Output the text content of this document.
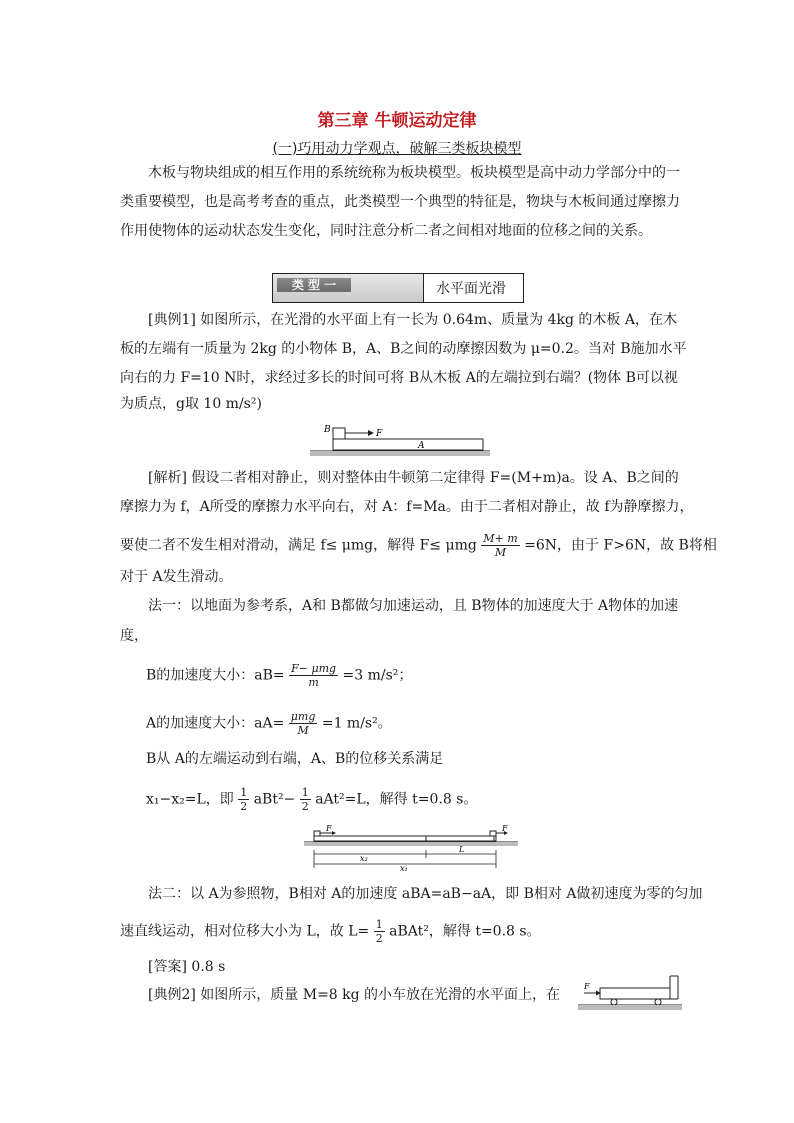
第三章 牛顿运动定律
(一)巧用动力学观点，破解三类板块模型
木板与物块组成的相互作用的系统统称为板块模型。板块模型是高中动力学部分中的一
类重要模型，也是高考考查的重点，此类模型一个典型的特征是，物块与木板间通过摩擦力
作用使物体的运动状态发生变化，同时注意分析二者之间相对地面的位移之间的关系。
类 型 一	水平面光滑
[典例1] 如图所示，在光滑的水平面上有一长为 0.64m、质量为 4kg 的木板 A，在木
板的左端有一质量为 2kg 的小物体 B，A、B之间的动摩擦因数为 μ=0.2。当对 B施加水平
向右的力 F=10 N时，求经过多长的时间可将 B从木板 A的左端拉到右端？(物体 B可以视
为质点，g取 10 m/s²)
B	F
A
[解析] 假设二者相对静止，则对整体由牛顿第二定律得 F=(M+m)a。设 A、B之间的
摩擦力为 f，A所受的摩擦力水平向右，对 A：f=Ma。由于二者相对静止，故 f为静摩擦力，
要使二者不发生相对滑动，满足 f≤ μmg，解得 F≤ μmg $\frac{M+ m}{M} =6N$，由于 F>6N，故 B将相
对于 A发生滑动。
法一：以地面为参考系，A和 B都做匀加速运动，且 B物体的加速度大于 A物体的加速
度，
B的加速度大小：$aB= \frac{\text{F− μmg}}{m} =3$ m/s²；
A的加速度大小：$aA= \frac{\text{μmg}}{M} =1$ m/s²。
B从 A的左端运动到右端，A、B的位移关系满足
x₁−x₂=L，即 $\frac{1}{2} aBt^2- \frac{1}{2} aAt^2=L$，解得 t=0.8 s。
F	F
x₂
L
x₁
法二：以 A为参照物，B相对 A的加速度 aBA=aB−aA，即 B相对 A做初速度为零的匀加
速直线运动，相对位移大小为 L，故 $L= \frac{1}{2}$ aBAt²，解得 t=0.8 s。
[答案] 0.8 s
[典例2] 如图所示，质量 M=8 kg 的小车放在光滑的水平面上，在
F
